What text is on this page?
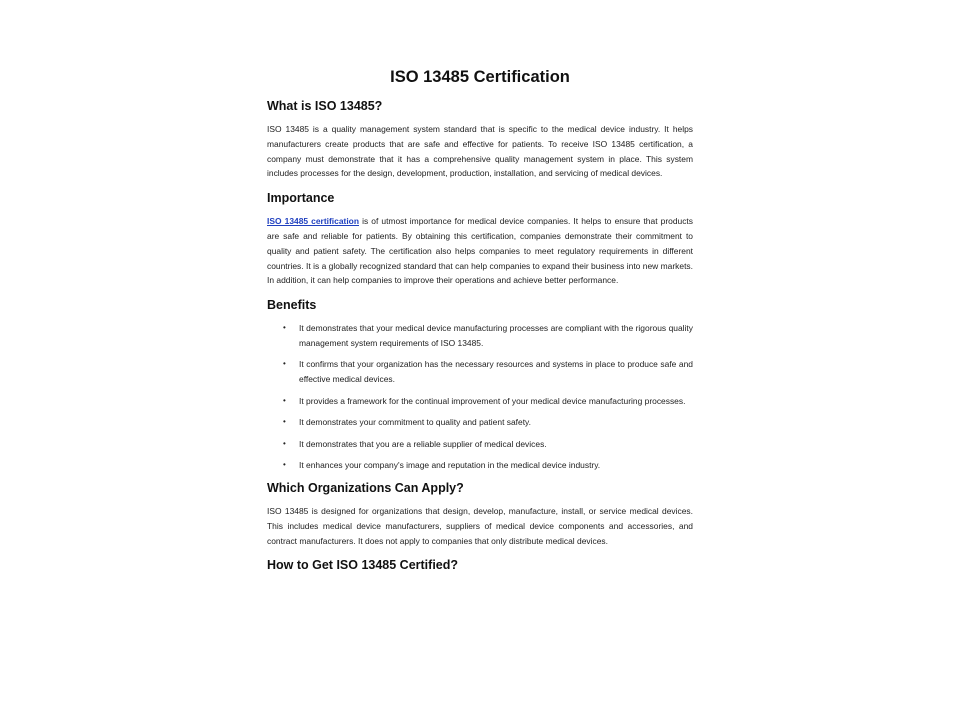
ISO 13485 Certification
What is ISO 13485?

ISO 13485 is a quality management system standard that is specific to the medical device industry. It helps manufacturers create products that are safe and effective for patients. To receive ISO 13485 certification, a company must demonstrate that it has a comprehensive quality management system in place. This system includes processes for the design, development, production, installation, and servicing of medical devices.

Importance

ISO 13485 certification is of utmost importance for medical device companies. It helps to ensure that products are safe and reliable for patients. By obtaining this certification, companies demonstrate their commitment to quality and patient safety. The certification also helps companies to meet regulatory requirements in different countries. It is a globally recognized standard that can help companies to expand their business into new markets. In addition, it can help companies to improve their operations and achieve better performance.

Benefits
• It demonstrates that your medical device manufacturing processes are compliant with the rigorous quality management system requirements of ISO 13485.
• It confirms that your organization has the necessary resources and systems in place to produce safe and effective medical devices.
• It provides a framework for the continual improvement of your medical device manufacturing processes.
• It demonstrates your commitment to quality and patient safety.
• It demonstrates that you are a reliable supplier of medical devices.
• It enhances your company's image and reputation in the medical device industry.
Which Organizations Can Apply?

ISO 13485 is designed for organizations that design, develop, manufacture, install, or service medical devices. This includes medical device manufacturers, suppliers of medical device components and accessories, and contract manufacturers. It does not apply to companies that only distribute medical devices.

How to Get ISO 13485 Certified?
